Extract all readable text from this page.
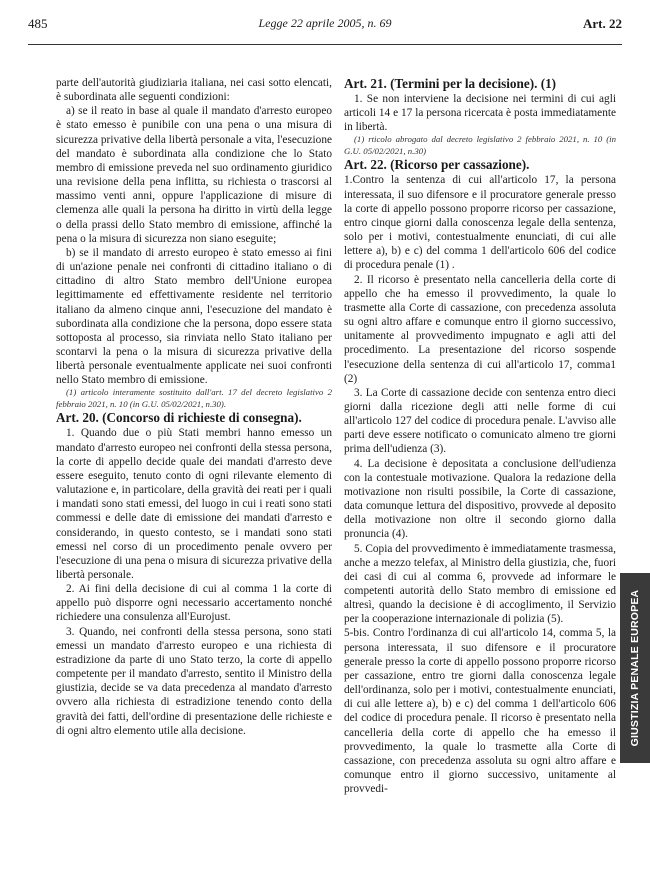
485	Legge 22 aprile 2005, n. 69	Art. 22

parte dell'autorità giudiziaria italiana, nei casi sotto elencati, è subordinata alle seguenti condizioni:

a) se il reato in base al quale il mandato d'arresto europeo è stato emesso è punibile con una pena o una misura di sicurezza privative della libertà personale a vita, l'esecuzione del mandato è subordinata alla condizione che lo Stato membro di emissione preveda nel suo ordinamento giuridico una revisione della pena inflitta, su richiesta o trascorsi al massimo venti anni, oppure l'applicazione di misure di clemenza alle quali la persona ha diritto in virtù della legge o della prassi dello Stato membro di emissione, affinché la pena o la misura di sicurezza non siano eseguite;

b) se il mandato di arresto europeo è stato emesso ai fini di un'azione penale nei confronti di cittadino italiano o di cittadino di altro Stato membro dell'Unione europea legittimamente ed effettivamente residente nel territorio italiano da almeno cinque anni, l'esecuzione del mandato è subordinata alla condizione che la persona, dopo essere stata sottoposta al processo, sia rinviata nello Stato italiano per scontarvi la pena o la misura di sicurezza privative della libertà personale eventualmente applicate nei suoi confronti nello Stato membro di emissione.

(1) articolo interamente sostituito dall'art. 17 del decreto legislativo 2 febbraio 2021, n. 10 (in G.U. 05/02/2021, n.30).

Art. 20. (Concorso di richieste di consegna).

1. Quando due o più Stati membri hanno emesso un mandato d'arresto europeo nei confronti della stessa persona, la corte di appello decide quale dei mandati d'arresto deve essere eseguito, tenuto conto di ogni rilevante elemento di valutazione e, in particolare, della gravità dei reati per i quali i mandati sono stati emessi, del luogo in cui i reati sono stati commessi e delle date di emissione dei mandati d'arresto e considerando, in questo contesto, se i mandati sono stati emessi nel corso di un procedimento penale ovvero per l'esecuzione di una pena o misura di sicurezza privative della libertà personale.

2. Ai fini della decisione di cui al comma 1 la corte di appello può disporre ogni necessario accertamento nonché richiedere una consulenza all'Eurojust.

3. Quando, nei confronti della stessa persona, sono stati emessi un mandato d'arresto europeo e una richiesta di estradizione da parte di uno Stato terzo, la corte di appello competente per il mandato d'arresto, sentito il Ministro della giustizia, decide se va data precedenza al mandato d'arresto ovvero alla richiesta di estradizione tenendo conto della gravità dei fatti, dell'ordine di presentazione delle richieste e di ogni altro elemento utile alla decisione.

Art. 21. (Termini per la decisione). (1)

1. Se non interviene la decisione nei termini di cui agli articoli 14 e 17 la persona ricercata è posta immediatamente in libertà.

(1) rticolo abrogato dal decreto legislativo 2 febbraio 2021, n. 10 (in G.U. 05/02/2021, n.30)

Art. 22. (Ricorso per cassazione).

1.Contro la sentenza di cui all'articolo 17, la persona interessata, il suo difensore e il procuratore generale presso la corte di appello possono proporre ricorso per cassazione, entro cinque giorni dalla conoscenza legale della sentenza, solo per i motivi, contestualmente enunciati, di cui alle lettere a), b) e c) del comma 1 dell'articolo 606 del codice di procedura penale (1) .

2. Il ricorso è presentato nella cancelleria della corte di appello che ha emesso il provvedimento, la quale lo trasmette alla Corte di cassazione, con precedenza assoluta su ogni altro affare e comunque entro il giorno successivo, unitamente al provvedimento impugnato e agli atti del procedimento. La presentazione del ricorso sospende l'esecuzione della sentenza di cui all'articolo 17, comma1 (2)

3. La Corte di cassazione decide con sentenza entro dieci giorni dalla ricezione degli atti nelle forme di cui all'articolo 127 del codice di procedura penale. L'avviso alle parti deve essere notificato o comunicato almeno tre giorni prima dell'udienza (3).

4. La decisione è depositata a conclusione dell'udienza con la contestuale motivazione. Qualora la redazione della motivazione non risulti possibile, la Corte di cassazione, data comunque lettura del dispositivo, provvede al deposito della motivazione non oltre il secondo giorno dalla pronuncia (4).

5. Copia del provvedimento è immediatamente trasmessa, anche a mezzo telefax, al Ministro della giustizia, che, fuori dei casi di cui al comma 6, provvede ad informare le competenti autorità dello Stato membro di emissione ed altresì, quando la decisione è di accoglimento, il Servizio per la cooperazione internazionale di polizia (5).

5-bis. Contro l'ordinanza di cui all'articolo 14, comma 5, la persona interessata, il suo difensore e il procuratore generale presso la corte di appello possono proporre ricorso per cassazione, entro tre giorni dalla conoscenza legale dell'ordinanza, solo per i motivi, contestualmente enunciati, di cui alle lettere a), b) e c) del comma 1 dell'articolo 606 del codice di procedura penale. Il ricorso è presentato nella cancelleria della corte di appello che ha emesso il provvedimento, la quale lo trasmette alla Corte di cassazione, con precedenza assoluta su ogni altro affare e comunque entro il giorno successivo, unitamente al provvedi-

GIUSTIZIA PENALE EUROPEA
